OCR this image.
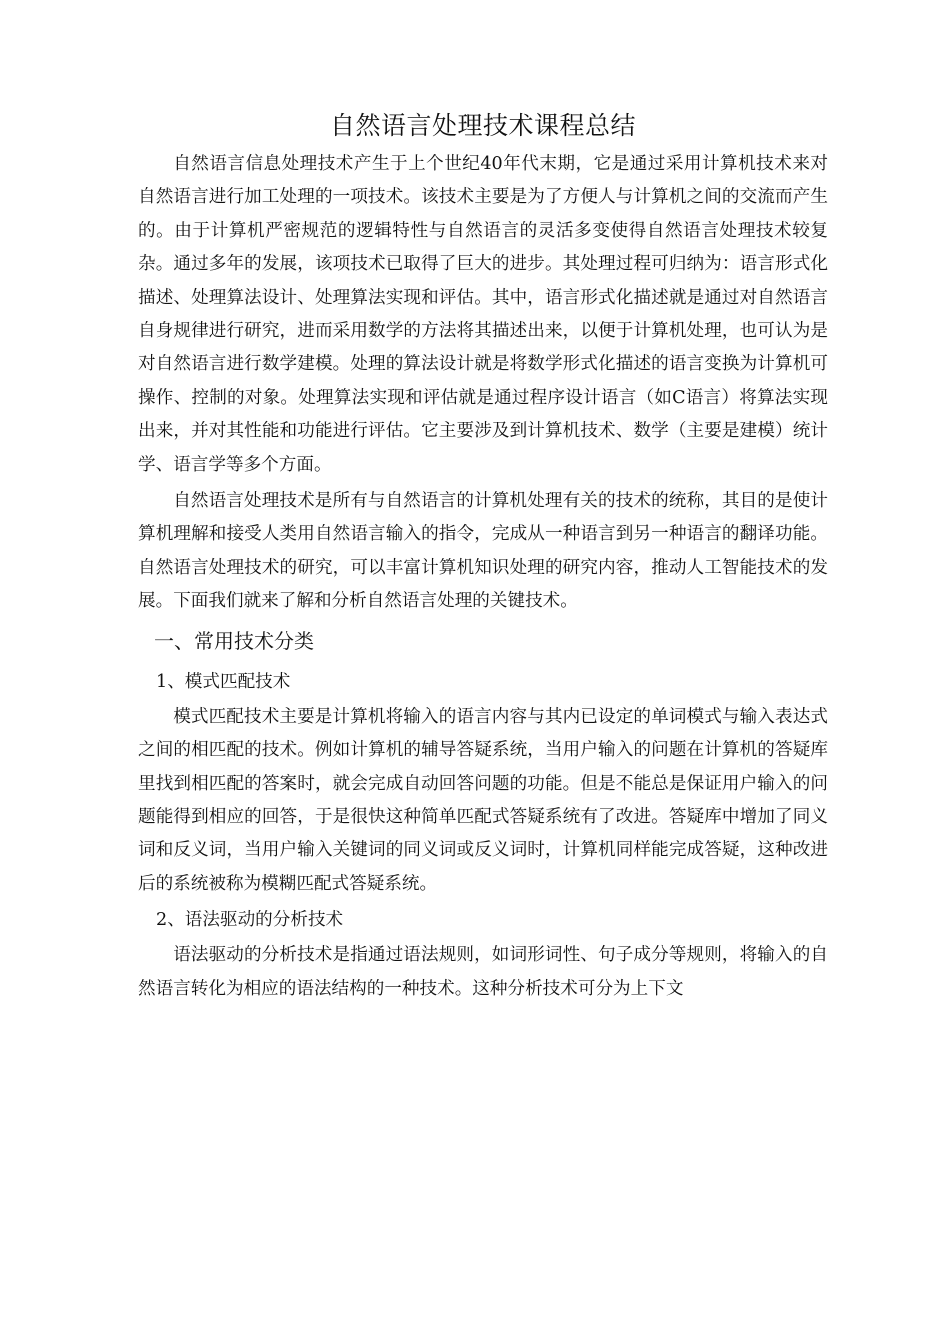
自然语言处理技术课程总结

自然语言信息处理技术产生于上个世纪40年代末期，它是通过采用计算机技术来对自然语言进行加工处理的一项技术。该技术主要是为了方便人与计算机之间的交流而产生的。由于计算机严密规范的逻辑特性与自然语言的灵活多变使得自然语言处理技术较复杂。通过多年的发展，该项技术已取得了巨大的进步。其处理过程可归纳为：语言形式化描述、处理算法设计、处理算法实现和评估。其中，语言形式化描述就是通过对自然语言自身规律进行研究，进而采用数学的方法将其描述出来，以便于计算机处理，也可认为是对自然语言进行数学建模。处理的算法设计就是将数学形式化描述的语言变换为计算机可操作、控制的对象。处理算法实现和评估就是通过程序设计语言（如C语言）将算法实现出来，并对其性能和功能进行评估。它主要涉及到计算机技术、数学（主要是建模）统计学、语言学等多个方面。

自然语言处理技术是所有与自然语言的计算机处理有关的技术的统称，其目的是使计算机理解和接受人类用自然语言输入的指令，完成从一种语言到另一种语言的翻译功能。自然语言处理技术的研究，可以丰富计算机知识处理的研究内容，推动人工智能技术的发展。下面我们就来了解和分析自然语言处理的关键技术。

一、常用技术分类
1、模式匹配技术

模式匹配技术主要是计算机将输入的语言内容与其内已设定的单词模式与输入表达式之间的相匹配的技术。例如计算机的辅导答疑系统，当用户输入的问题在计算机的答疑库里找到相匹配的答案时，就会完成自动回答问题的功能。但是不能总是保证用户输入的问题能得到相应的回答，于是很快这种简单匹配式答疑系统有了改进。答疑库中增加了同义词和反义词，当用户输入关键词的同义词或反义词时，计算机同样能完成答疑，这种改进后的系统被称为模糊匹配式答疑系统。

2、语法驱动的分析技术

语法驱动的分析技术是指通过语法规则，如词形词性、句子成分等规则，将输入的自然语言转化为相应的语法结构的一种技术。这种分析技术可分为上下文
